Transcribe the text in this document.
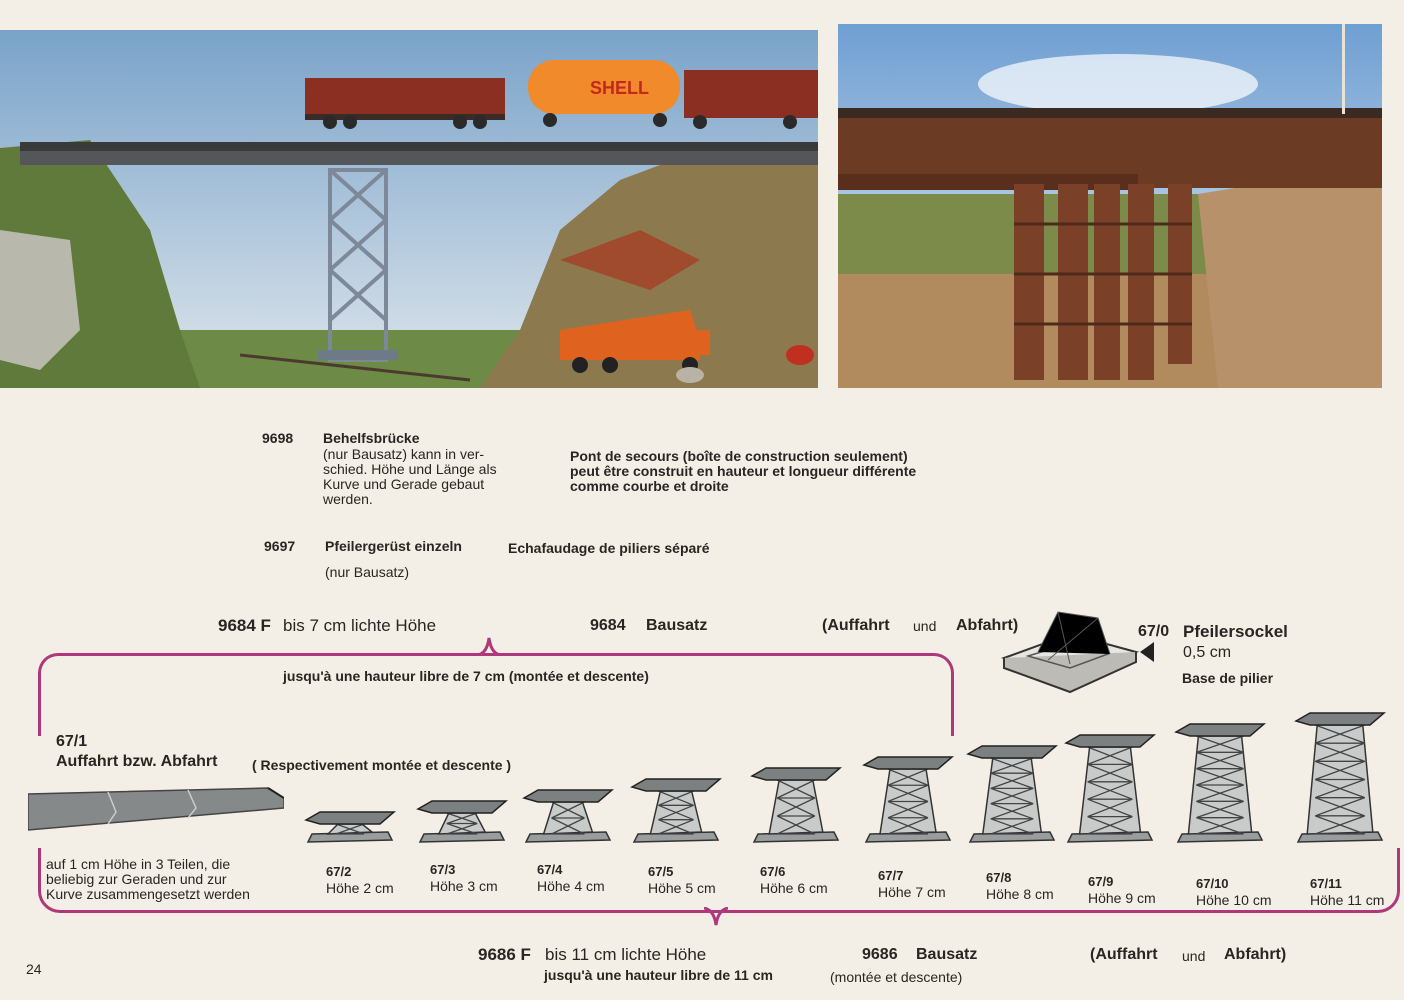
SHELL
9698 Behelfsbrücke
(nur Bausatz) kann in ver-
schied. Höhe und Länge als
Kurve und Gerade gebaut
werden.
Pont de secours (boîte de construction seulement)
peut être construit en hauteur et longueur différente
comme courbe et droite
9697 Pfeilergerüst einzeln	Echafaudage de piliers séparé
(nur Bausatz)
9684 F bis 7 cm lichte Höhe	9684 Bausatz	(Auffahrt und Abfahrt)
jusqu'à une hauteur libre de 7 cm (montée et descente)
67/0 Pfeilersockel
0,5 cm
Base de pilier
67/1
Auffahrt bzw. Abfahrt ( Respectivement montée et descente )
auf 1 cm Höhe in 3 Teilen, die
beliebig zur Geraden und zur
Kurve zusammengesetzt werden
67/2
Höhe 2 cm
67/3
Höhe 3 cm
67/4
Höhe 4 cm
67/5
Höhe 5 cm
67/6
Höhe 6 cm
67/7
Höhe 7 cm
67/8
Höhe 8 cm
67/9
Höhe 9 cm
67/10
Höhe 10 cm
67/11
Höhe 11 cm
9686 F bis 11 cm lichte Höhe
jusqu'à une hauteur libre de 11 cm
9686 Bausatz
(montée et descente)
(Auffahrt und Abfahrt)
24
